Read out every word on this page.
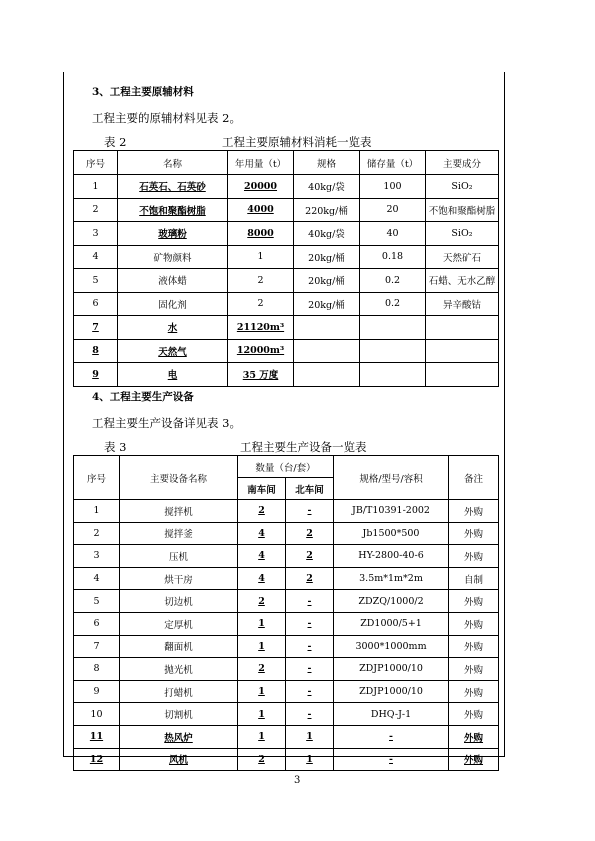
3、工程主要原辅材料
工程主要的原辅材料见表 2。
表 2	工程主要原辅材料消耗一览表
序号	名称	年用量（t）	规格	储存量（t）	主要成分
1	石英石、石英砂	20000	40kg/袋	100	SiO₂
2	不饱和聚酯树脂	4000	220kg/桶	20	不饱和聚酯树脂
3	玻璃粉	8000	40kg/袋	40	SiO₂
4	矿物颜料	1	20kg/桶	0.18	天然矿石
5	液体蜡	2	20kg/桶	0.2	石蜡、无水乙醇
6	固化剂	2	20kg/桶	0.2	异辛酸钴
7	水	21120m³			
8	天然气	12000m³			
9	电	35 万度			
4、工程主要生产设备
工程主要生产设备详见表 3。
表 3	工程主要生产设备一览表
序号	主要设备名称	数量（台/套）		规格/型号/容积	备注
		南车间	北车间		
1	搅拌机	2	-	JB/T10391-2002	外购
2	搅拌釜	4	2	Jb1500*500	外购
3	压机	4	2	HY-2800-40-6	外购
4	烘干房	4	2	3.5m*1m*2m	自制
5	切边机	2	-	ZDZQ/1000/2	外购
6	定厚机	1	-	ZD1000/5+1	外购
7	翻面机	1	-	3000*1000mm	外购
8	抛光机	2	-	ZDJP1000/10	外购
9	打蜡机	1	-	ZDJP1000/10	外购
10	切割机	1	-	DHQ-J-1	外购
11	热风炉	1	1	-	外购
12	风机	2	1	-	外购
3
